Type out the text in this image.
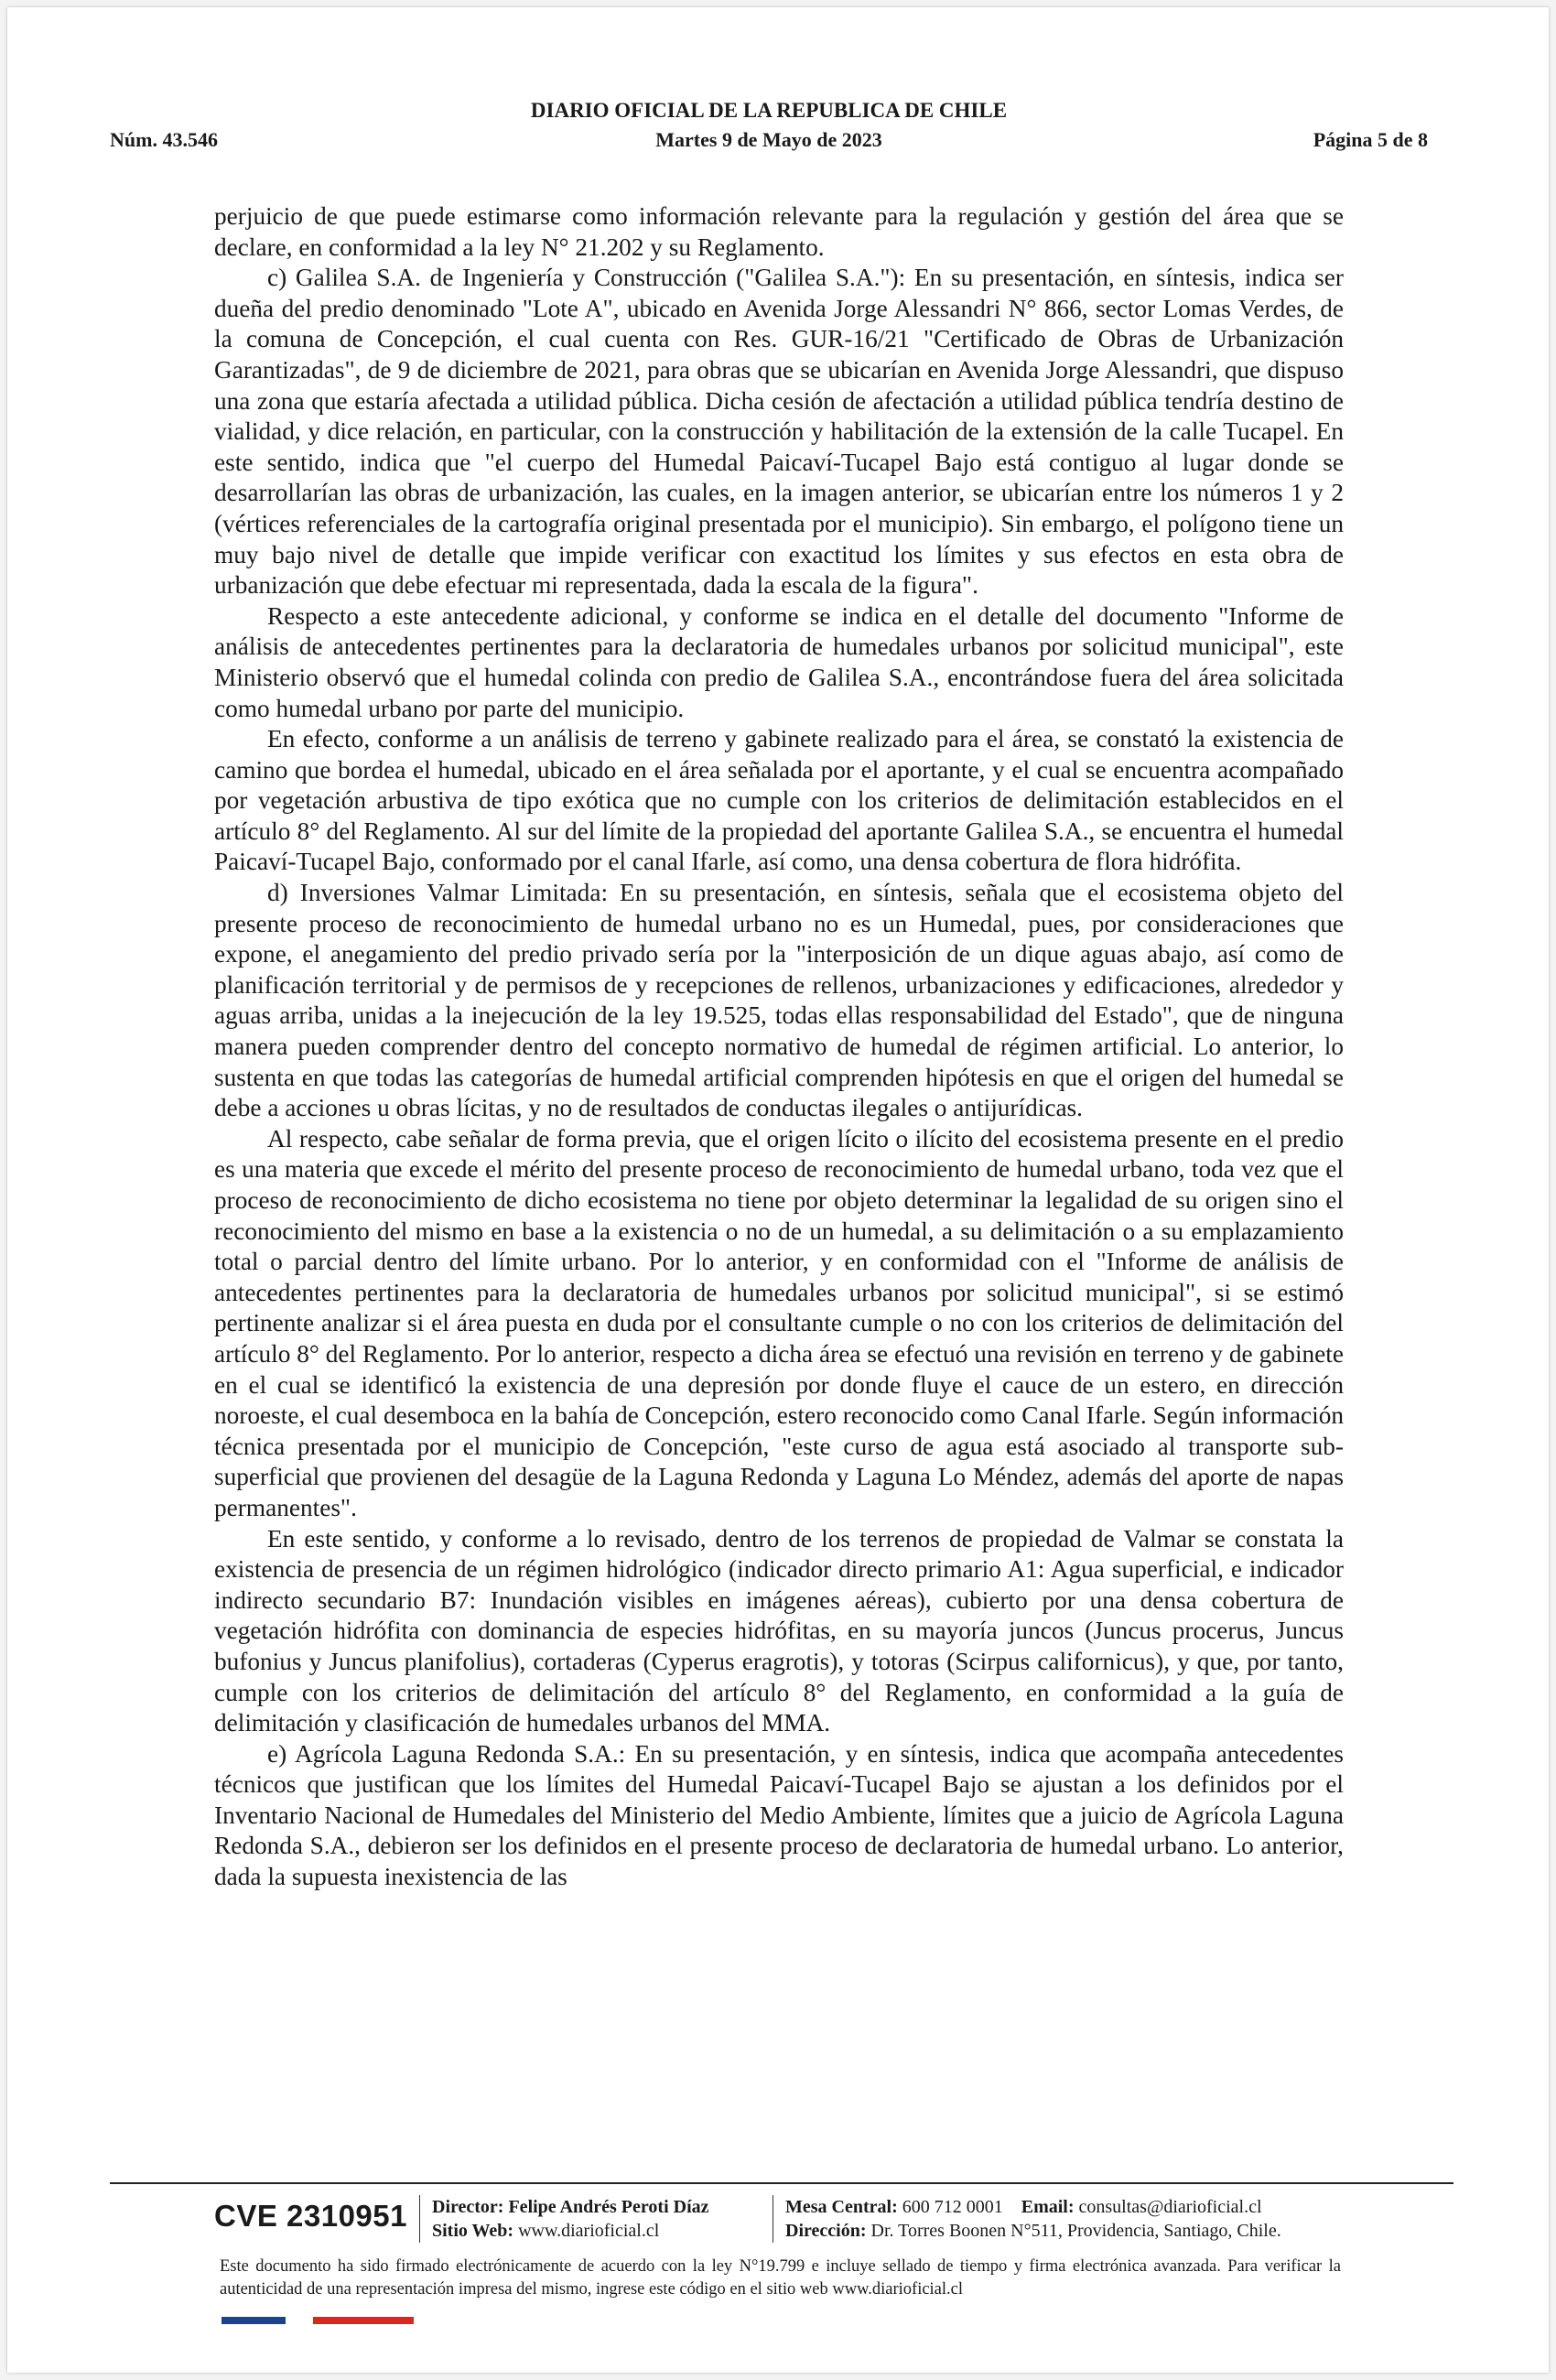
DIARIO OFICIAL DE LA REPUBLICA DE CHILE
Núm. 43.546	Martes 9 de Mayo de 2023	Página 5 de 8

perjuicio de que puede estimarse como información relevante para la regulación y gestión del área que se declare, en conformidad a la ley N° 21.202 y su Reglamento.

c) Galilea S.A. de Ingeniería y Construcción ("Galilea S.A."): En su presentación, en síntesis, indica ser dueña del predio denominado "Lote A", ubicado en Avenida Jorge Alessandri N° 866, sector Lomas Verdes, de la comuna de Concepción, el cual cuenta con Res. GUR-16/21 "Certificado de Obras de Urbanización Garantizadas", de 9 de diciembre de 2021, para obras que se ubicarían en Avenida Jorge Alessandri, que dispuso una zona que estaría afectada a utilidad pública. Dicha cesión de afectación a utilidad pública tendría destino de vialidad, y dice relación, en particular, con la construcción y habilitación de la extensión de la calle Tucapel. En este sentido, indica que "el cuerpo del Humedal Paicaví-Tucapel Bajo está contiguo al lugar donde se desarrollarían las obras de urbanización, las cuales, en la imagen anterior, se ubicarían entre los números 1 y 2 (vértices referenciales de la cartografía original presentada por el municipio). Sin embargo, el polígono tiene un muy bajo nivel de detalle que impide verificar con exactitud los límites y sus efectos en esta obra de urbanización que debe efectuar mi representada, dada la escala de la figura".

Respecto a este antecedente adicional, y conforme se indica en el detalle del documento "Informe de análisis de antecedentes pertinentes para la declaratoria de humedales urbanos por solicitud municipal", este Ministerio observó que el humedal colinda con predio de Galilea S.A., encontrándose fuera del área solicitada como humedal urbano por parte del municipio.

En efecto, conforme a un análisis de terreno y gabinete realizado para el área, se constató la existencia de camino que bordea el humedal, ubicado en el área señalada por el aportante, y el cual se encuentra acompañado por vegetación arbustiva de tipo exótica que no cumple con los criterios de delimitación establecidos en el artículo 8° del Reglamento. Al sur del límite de la propiedad del aportante Galilea S.A., se encuentra el humedal Paicaví-Tucapel Bajo, conformado por el canal Ifarle, así como, una densa cobertura de flora hidrófita.

d) Inversiones Valmar Limitada: En su presentación, en síntesis, señala que el ecosistema objeto del presente proceso de reconocimiento de humedal urbano no es un Humedal, pues, por consideraciones que expone, el anegamiento del predio privado sería por la "interposición de un dique aguas abajo, así como de planificación territorial y de permisos de y recepciones de rellenos, urbanizaciones y edificaciones, alrededor y aguas arriba, unidas a la inejecución de la ley 19.525, todas ellas responsabilidad del Estado", que de ninguna manera pueden comprender dentro del concepto normativo de humedal de régimen artificial. Lo anterior, lo sustenta en que todas las categorías de humedal artificial comprenden hipótesis en que el origen del humedal se debe a acciones u obras lícitas, y no de resultados de conductas ilegales o antijurídicas.

Al respecto, cabe señalar de forma previa, que el origen lícito o ilícito del ecosistema presente en el predio es una materia que excede el mérito del presente proceso de reconocimiento de humedal urbano, toda vez que el proceso de reconocimiento de dicho ecosistema no tiene por objeto determinar la legalidad de su origen sino el reconocimiento del mismo en base a la existencia o no de un humedal, a su delimitación o a su emplazamiento total o parcial dentro del límite urbano. Por lo anterior, y en conformidad con el "Informe de análisis de antecedentes pertinentes para la declaratoria de humedales urbanos por solicitud municipal", si se estimó pertinente analizar si el área puesta en duda por el consultante cumple o no con los criterios de delimitación del artículo 8° del Reglamento. Por lo anterior, respecto a dicha área se efectuó una revisión en terreno y de gabinete en el cual se identificó la existencia de una depresión por donde fluye el cauce de un estero, en dirección noroeste, el cual desemboca en la bahía de Concepción, estero reconocido como Canal Ifarle. Según información técnica presentada por el municipio de Concepción, "este curso de agua está asociado al transporte sub-superficial que provienen del desagüe de la Laguna Redonda y Laguna Lo Méndez, además del aporte de napas permanentes".

En este sentido, y conforme a lo revisado, dentro de los terrenos de propiedad de Valmar se constata la existencia de presencia de un régimen hidrológico (indicador directo primario A1: Agua superficial, e indicador indirecto secundario B7: Inundación visibles en imágenes aéreas), cubierto por una densa cobertura de vegetación hidrófita con dominancia de especies hidrófitas, en su mayoría juncos (Juncus procerus, Juncus bufonius y Juncus planifolius), cortaderas (Cyperus eragrotis), y totoras (Scirpus californicus), y que, por tanto, cumple con los criterios de delimitación del artículo 8° del Reglamento, en conformidad a la guía de delimitación y clasificación de humedales urbanos del MMA.

e) Agrícola Laguna Redonda S.A.: En su presentación, y en síntesis, indica que acompaña antecedentes técnicos que justifican que los límites del Humedal Paicaví-Tucapel Bajo se ajustan a los definidos por el Inventario Nacional de Humedales del Ministerio del Medio Ambiente, límites que a juicio de Agrícola Laguna Redonda S.A., debieron ser los definidos en el presente proceso de declaratoria de humedal urbano. Lo anterior, dada la supuesta inexistencia de las

CVE 2310951 Director: Felipe Andrés Peroti Díaz
Sitio Web: www.diarioficial.cl
Mesa Central: 600 712 0001 Email: consultas@diarioficial.cl
Dirección: Dr. Torres Boonen N°511, Providencia, Santiago, Chile.
Este documento ha sido firmado electrónicamente de acuerdo con la ley N°19.799 e incluye sellado de tiempo y firma electrónica avanzada. Para verificar la autenticidad de una representación impresa del mismo, ingrese este código en el sitio web www.diarioficial.cl
